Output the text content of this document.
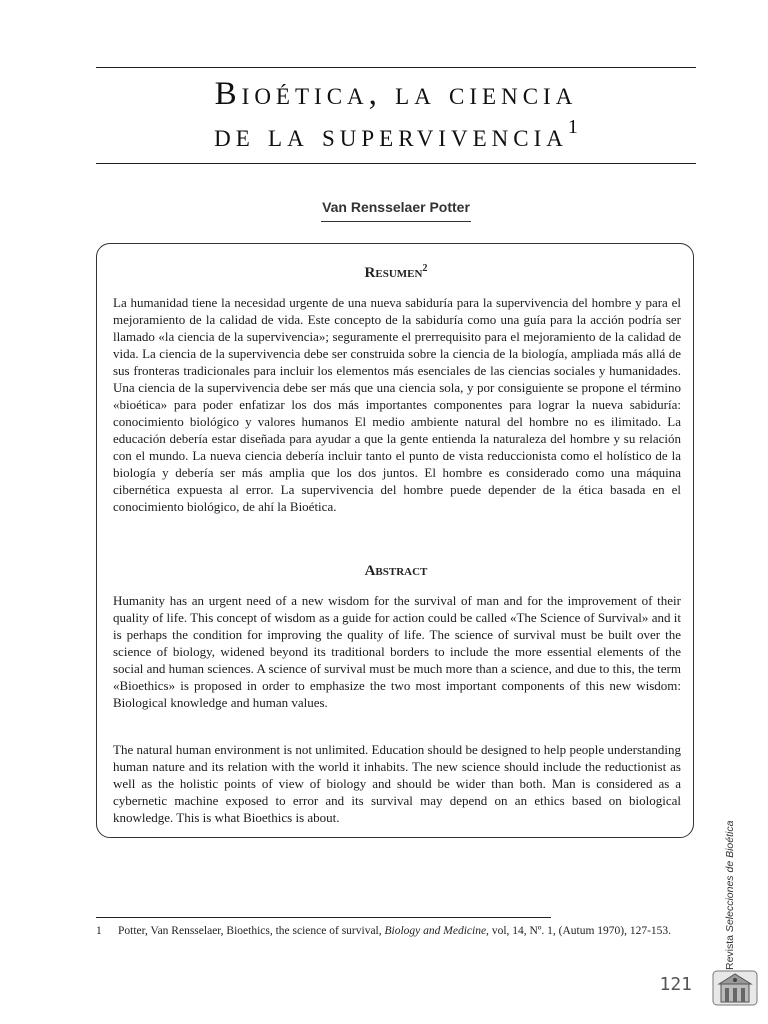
Bioética, la ciencia
de la supervivencia$^1$
Van Rensselaer Potter
Resumen$^2$
La humanidad tiene la necesidad urgente de una nueva sabiduría para la supervivencia del hombre y para el mejoramiento de la calidad de vida. Este concepto de la sabiduría como una guía para la acción podría ser llamado «la ciencia de la supervivencia»; seguramente el prerrequisito para el mejoramiento de la calidad de vida. La ciencia de la supervivencia debe ser construida sobre la ciencia de la biología, ampliada más allá de sus fronteras tradicionales para incluir los elementos más esenciales de las ciencias sociales y humanidades. Una ciencia de la supervivencia debe ser más que una ciencia sola, y por consiguiente se propone el término «bioética» para poder enfatizar los dos más importantes componentes para lograr la nueva sabiduría: conocimiento biológico y valores humanos El medio ambiente natural del hombre no es ilimitado. La educación debería estar diseñada para ayudar a que la gente entienda la naturaleza del hombre y su relación con el mundo. La nueva ciencia debería incluir tanto el punto de vista reduccionista como el holístico de la biología y debería ser más amplia que los dos juntos. El hombre es considerado como una máquina cibernética expuesta al error. La supervivencia del hombre puede depender de la ética basada en el conocimiento biológico, de ahí la Bioética.
Abstract
Humanity has an urgent need of a new wisdom for the survival of man and for the improvement of their quality of life. This concept of wisdom as a guide for action could be called «The Science of Survival» and it is perhaps the condition for improving the quality of life. The science of survival must be built over the science of biology, widened beyond its traditional borders to include the more essential elements of the social and human sciences. A science of survival must be much more than a science, and due to this, the term «Bioethics» is proposed in order to emphasize the two most important components of this new wisdom: Biological knowledge and human values.
The natural human environment is not unlimited. Education should be designed to help people understanding human nature and its relation with the world it inhabits. The new science should include the reductionist as well as the holistic points of view of biology and should be wider than both. Man is considered as a cybernetic machine exposed to error and its survival may depend on an ethics based on biological knowledge. This is what Bioethics is about.
1 Potter, Van Rensselaer, Bioethics, the science of survival, Biology and Medicine, vol, 14, Nº. 1, (Autum 1970), 127-153.
121
Revista Selecciones de Bioética
